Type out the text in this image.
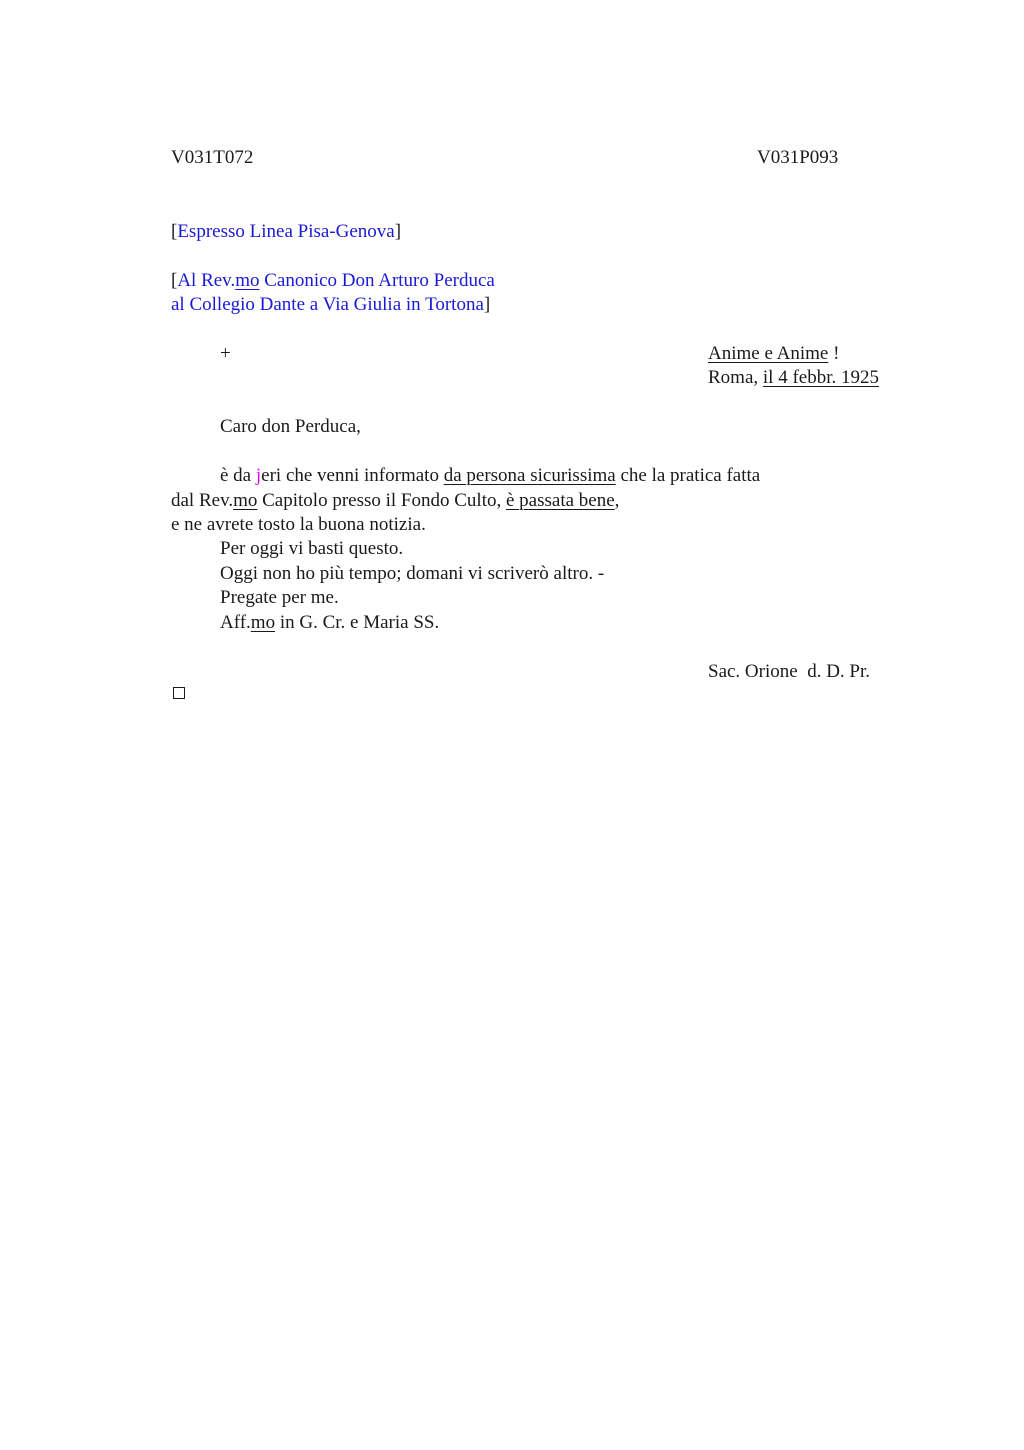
V031T072	V031P093
[Espresso Linea Pisa-Genova]
[Al Rev.mo Canonico Don Arturo Perduca
al Collegio Dante a Via Giulia in Tortona]
+	Anime e Anime !
Roma, il 4 febbr. 1925
Caro don Perduca,
è da jeri che venni informato da persona sicurissima che la pratica fatta
dal Rev.mo Capitolo presso il Fondo Culto, è passata bene,
e ne avrete tosto la buona notizia.
Per oggi vi basti questo.
Oggi non ho più tempo; domani vi scriverò altro. -
Pregate per me.
Aff.mo in G. Cr. e Maria SS.
Sac. Orione  d. D. Pr.
